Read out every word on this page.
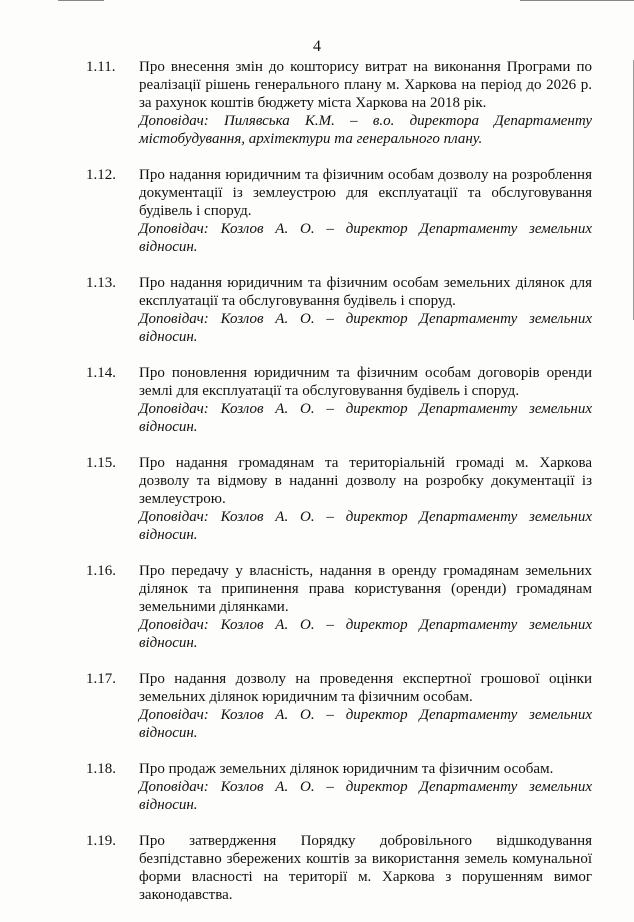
4
1.11.	Про внесення змін до кошторису витрат на виконання Програми по реалізації рішень генерального плану м. Харкова на період до 2026 р. за рахунок коштів бюджету міста Харкова на 2018 рік.
Доповідач: Пилявська К.М. – в.о. директора Департаменту містобудування, архітектури та генерального плану.
1.12.	Про надання юридичним та фізичним особам дозволу на розроблення документації із землеустрою для експлуатації та обслуговування будівель і споруд.
Доповідач: Козлов А. О. – директор Департаменту земельних відносин.
1.13.	Про надання юридичним та фізичним особам земельних ділянок для експлуатації та обслуговування будівель і споруд.
Доповідач: Козлов А. О. – директор Департаменту земельних відносин.
1.14.	Про поновлення юридичним та фізичним особам договорів оренди землі для експлуатації та обслуговування будівель і споруд.
Доповідач: Козлов А. О. – директор Департаменту земельних відносин.
1.15.	Про надання громадянам та територіальній громаді м. Харкова дозволу та відмову в наданні дозволу на розробку документації із землеустрою.
Доповідач: Козлов А. О. – директор Департаменту земельних відносин.
1.16.	Про передачу у власність, надання в оренду громадянам земельних ділянок та припинення права користування (оренди) громадянам земельними ділянками.
Доповідач: Козлов А. О. – директор Департаменту земельних відносин.
1.17.	Про надання дозволу на проведення експертної грошової оцінки земельних ділянок юридичним та фізичним особам.
Доповідач: Козлов А. О. – директор Департаменту земельних відносин.
1.18.	Про продаж земельних ділянок юридичним та фізичним особам.
Доповідач: Козлов А. О. – директор Департаменту земельних відносин.
1.19.	Про затвердження Порядку добровільного відшкодування безпідставно збережених коштів за використання земель комунальної форми власності на території м. Харкова з порушенням вимог законодавства.
